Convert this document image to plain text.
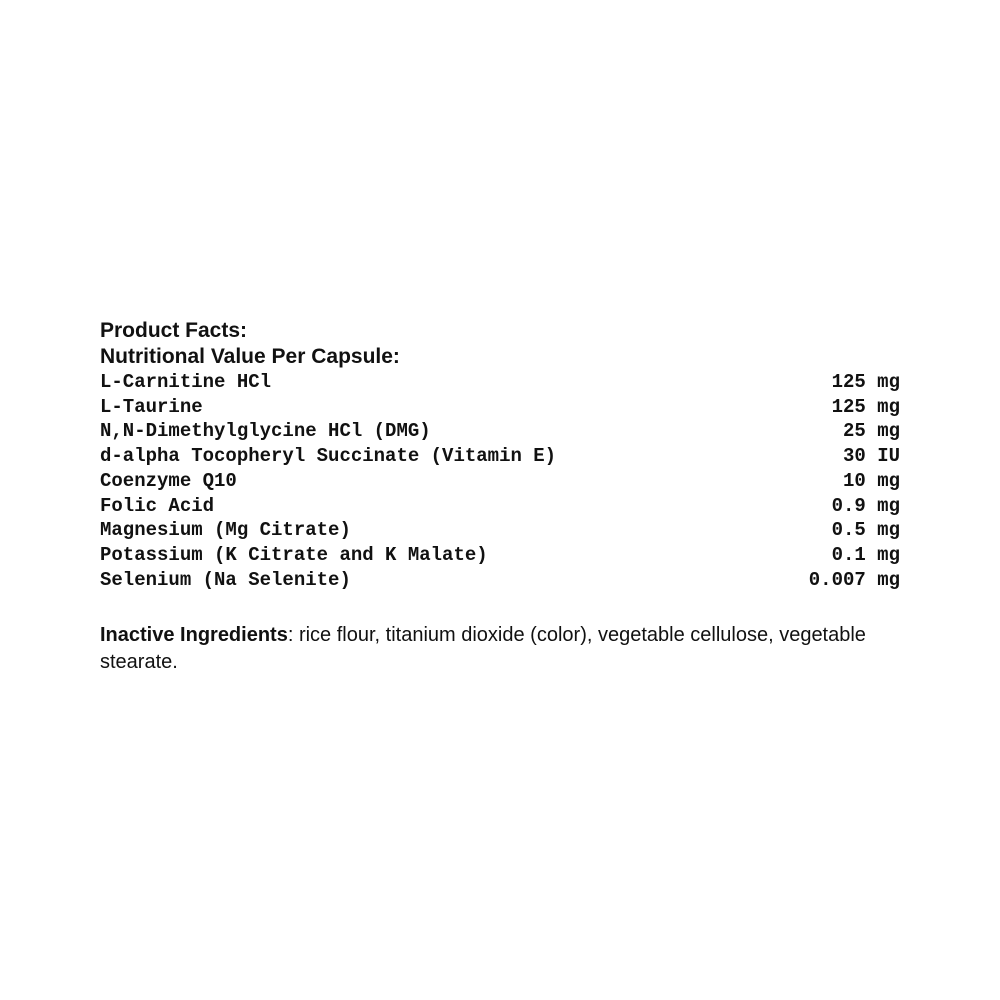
Product Facts:

Nutritional Value Per Capsule:

L-Carnitine HCl	125 mg
L-Taurine	125 mg
N,N-Dimethylglycine HCl (DMG)	25 mg
d-alpha Tocopheryl Succinate (Vitamin E)	30 IU
Coenzyme Q10	10 mg
Folic Acid	0.9 mg
Magnesium (Mg Citrate)	0.5 mg
Potassium (K Citrate and K Malate)	0.1 mg
Selenium (Na Selenite)	0.007 mg

Inactive Ingredients: rice flour, titanium dioxide (color), vegetable cellulose, vegetable stearate.
